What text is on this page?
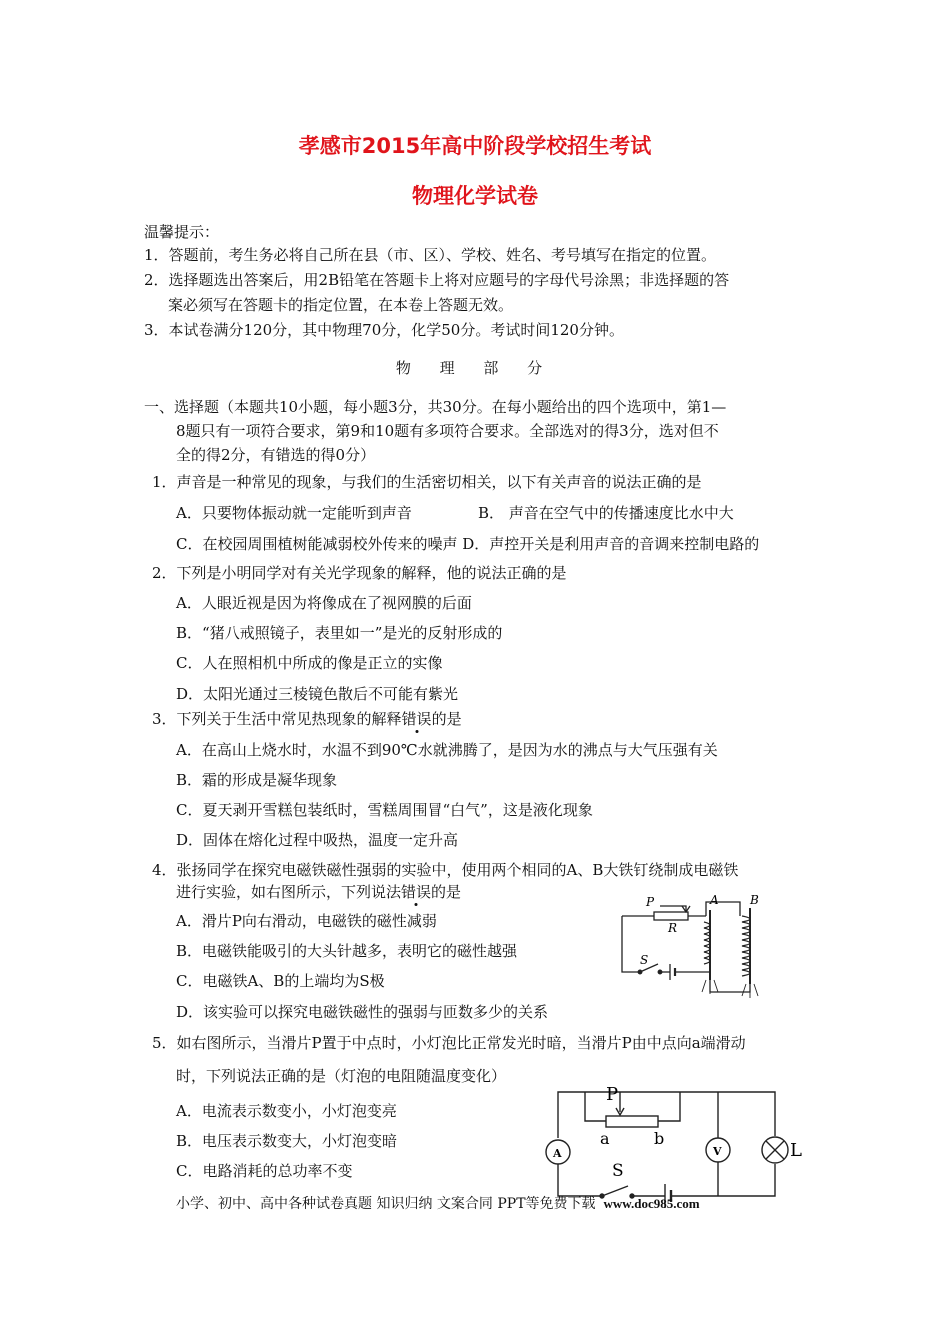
孝感市2015年高中阶段学校招生考试
物理化学试卷
温馨提示：
1．答题前，考生务必将自己所在县（市、区）、学校、姓名、考号填写在指定的位置。
2．选择题选出答案后，用2B铅笔在答题卡上将对应题号的字母代号涂黑；非选择题的答
案必须写在答题卡的指定位置，在本卷上答题无效。
3．本试卷满分120分，其中物理70分，化学50分。考试时间120分钟。
物 理 部 分
一、选择题（本题共10小题，每小题3分，共30分。在每小题给出的四个选项中，第1—
8题只有一项符合要求，第9和10题有多项符合要求。全部选对的得3分，选对但不
全的得2分，有错选的得0分）
1．声音是一种常见的现象，与我们的生活密切相关，以下有关声音的说法正确的是
A．只要物体振动就一定能听到声音	B． 声音在空气中的传播速度比水中大
C．在校园周围植树能减弱校外传来的噪声 D．声控开关是利用声音的音调来控制电路的
2．下列是小明同学对有关光学现象的解释，他的说法正确的是
A．人眼近视是因为将像成在了视网膜的后面
B．“猪八戒照镜子，表里如一”是光的反射形成的
C．人在照相机中所成的像是正立的实像
D．太阳光通过三棱镜色散后不可能有紫光
3．下列关于生活中常见热现象的解释错误的是
A．在高山上烧水时，水温不到90℃水就沸腾了，是因为水的沸点与大气压强有关
B．霜的形成是凝华现象
C．夏天剥开雪糕包装纸时，雪糕周围冒“白气”，这是液化现象
D．固体在熔化过程中吸热，温度一定升高
4．张扬同学在探究电磁铁磁性强弱的实验中，使用两个相同的A、B大铁钉绕制成电磁铁
进行实验，如右图所示，下列说法错误的是
A．滑片P向右滑动，电磁铁的磁性减弱
B．电磁铁能吸引的大头针越多，表明它的磁性越强
C．电磁铁A、B的上端均为S极
D．该实验可以探究电磁铁磁性的强弱与匝数多少的关系
P
R
S
A	B
5．如右图所示，当滑片P置于中点时，小灯泡比正常发光时暗，当滑片P由中点向a端滑动
时，下列说法正确的是（灯泡的电阻随温度变化）
A．电流表示数变小，小灯泡变亮
B．电压表示数变大，小灯泡变暗
C．电路消耗的总功率不变
A	V
P
a	b
S
L
小学、初中、高中各种试卷真题 知识归纳 文案合同 PPT等免费下载 www.doc985.com
